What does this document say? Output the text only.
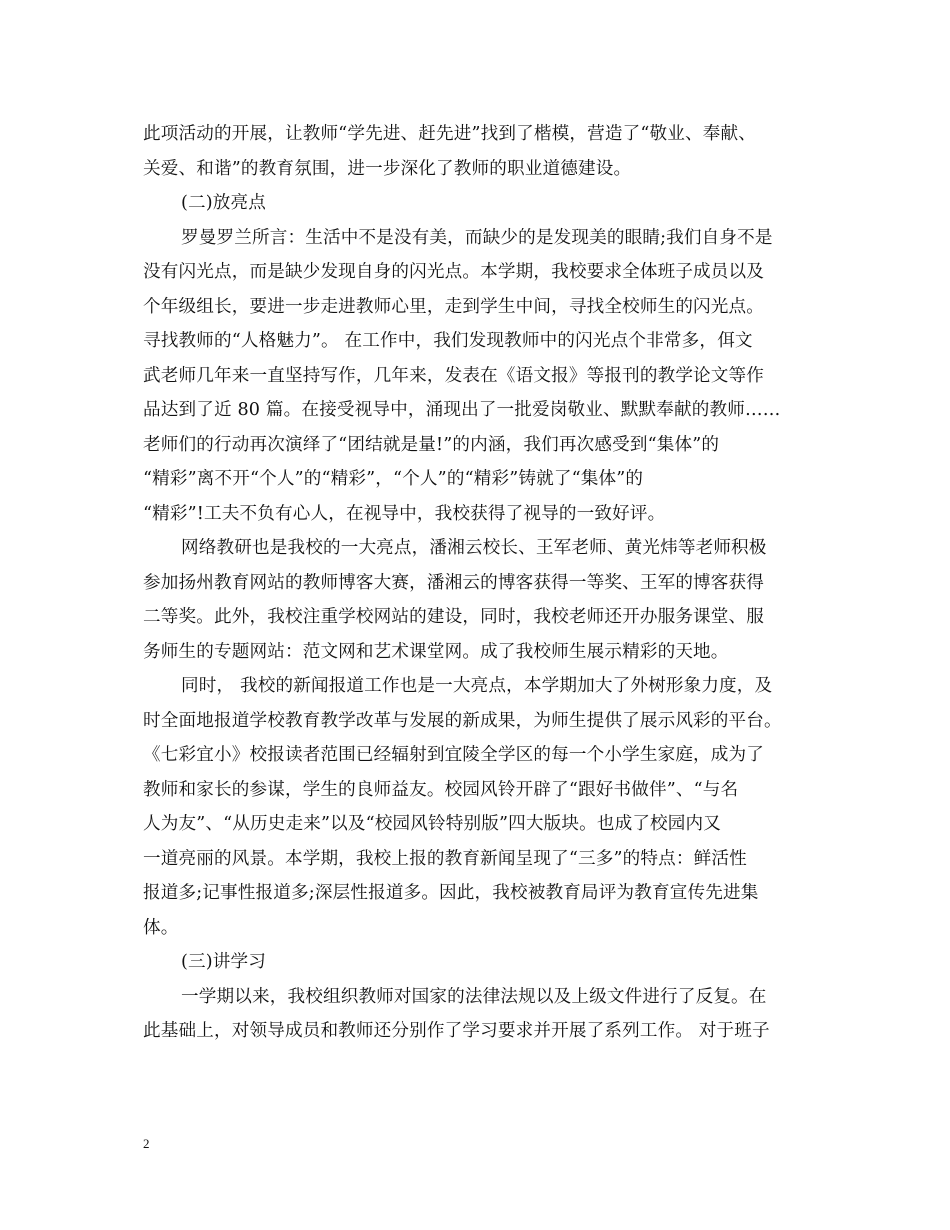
此项活动的开展，让教师“学先进、赶先进”找到了楷模，营造了“敬业、奉献、
关爱、和谐”的教育氛围，进一步深化了教师的职业道德建设。
(二)放亮点
罗曼罗兰所言：生活中不是没有美，而缺少的是发现美的眼睛;我们自身不是
没有闪光点，而是缺少发现自身的闪光点。本学期，我校要求全体班子成员以及
个年级组长，要进一步走进教师心里，走到学生中间，寻找全校师生的闪光点。
寻找教师的“人格魅力”。 在工作中，我们发现教师中的闪光点个非常多，佴文
武老师几年来一直坚持写作，几年来，发表在《语文报》等报刊的教学论文等作
品达到了近 80 篇。在接受视导中，涌现出了一批爱岗敬业、默默奉献的教师……
老师们的行动再次演绎了“团结就是量!”的内涵，我们再次感受到“集体”的
“精彩”离不开“个人”的“精彩”，“个人”的“精彩”铸就了“集体”的
“精彩”!工夫不负有心人，在视导中，我校获得了视导的一致好评。
网络教研也是我校的一大亮点，潘湘云校长、王军老师、黄光炜等老师积极
参加扬州教育网站的教师博客大赛，潘湘云的博客获得一等奖、王军的博客获得
二等奖。此外，我校注重学校网站的建设，同时，我校老师还开办服务课堂、服
务师生的专题网站：范文网和艺术课堂网。成了我校师生展示精彩的天地。
同时， 我校的新闻报道工作也是一大亮点，本学期加大了外树形象力度，及
时全面地报道学校教育教学改革与发展的新成果，为师生提供了展示风彩的平台。
《七彩宜小》校报读者范围已经辐射到宜陵全学区的每一个小学生家庭，成为了
教师和家长的参谋，学生的良师益友。校园风铃开辟了“跟好书做伴”、“与名
人为友”、“从历史走来”以及“校园风铃特别版”四大版块。也成了校园内又
一道亮丽的风景。本学期，我校上报的教育新闻呈现了“三多”的特点：鲜活性
报道多;记事性报道多;深层性报道多。因此，我校被教育局评为教育宣传先进集
体。
(三)讲学习
一学期以来，我校组织教师对国家的法律法规以及上级文件进行了反复。在
此基础上，对领导成员和教师还分别作了学习要求并开展了系列工作。 对于班子
2
